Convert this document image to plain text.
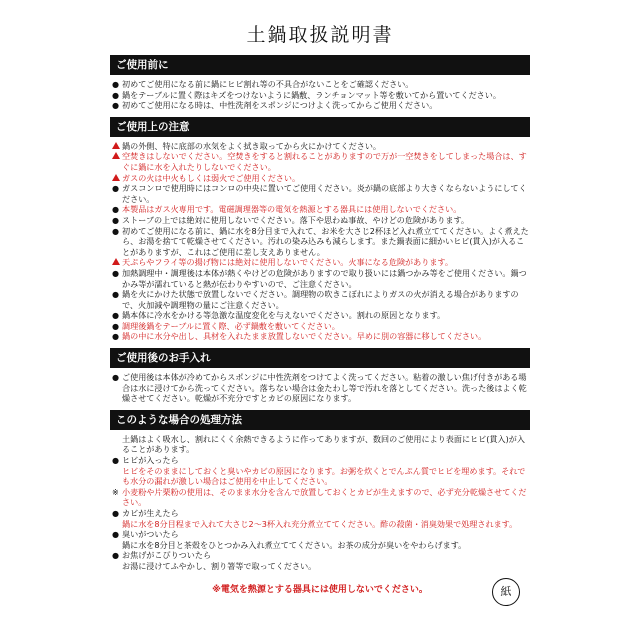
土鍋取扱説明書
ご使用前に
● 初めてご使用になる前に鍋にヒビ割れ等の不具合がないことをご確認ください。
● 鍋をテーブルに置く際はキズをつけないように鍋敷、ランチョンマット等を敷いてから置いてください。
● 初めてご使用になる時は、中性洗剤をスポンジにつけよく洗ってからご使用ください。
ご使用上の注意
鍋の外側、特に底部の水気をよく拭き取ってから火にかけてください。
空焚きはしないでください。空焚きをすると割れることがありますので万が一空焚きをしてしまった場合は、すぐに鍋に水を入れたりしないでください。
ガスの火は中火もしくは弱火でご使用ください。
● ガスコンロで使用時にはコンロの中央に置いてご使用ください。炎が鍋の底部より大きくならないようにしてください。
● 本製品はガス火専用です。電磁調理器等の電気を熱源とする器具には使用しないでください。
● ストーブの上では絶対に使用しないでください。落下や思わぬ事故、やけどの危険があります。
● 初めてご使用になる前に、鍋に水を8分目まで入れて、お米を大さじ2杯ほど入れ煮立ててください。よく煮えたら、お湯を捨てて乾燥させてください。汚れの染み込みも減らします。また鍋表面に細かいヒビ(貫入)が入ることがありますが、これはご使用に差し支えありません。
天ぷらやフライ等の揚げ物には絶対に使用しないでください。火事になる危険があります。
● 加熱調理中・調理後は本体が熱くやけどの危険がありますので取り扱いには鍋つかみ等をご使用ください。鍋つかみ等が濡れていると熱が伝わりやすいので、ご注意ください。
● 鍋を火にかけた状態で放置しないでください。調理物の吹きこぼれによりガスの火が消える場合がありますので、火加減や調理物の量にご注意ください。
● 鍋本体に冷水をかける等急激な温度変化を与えないでください。割れの原因となります。
● 調理後鍋をテーブルに置く際、必ず鍋敷を敷いてください。
● 鍋の中に水分や出し、具材を入れたまま放置しないでください。早めに別の容器に移してください。
ご使用後のお手入れ
● ご使用後は本体が冷めてからスポンジに中性洗剤をつけてよく洗ってください。粘着の激しい焦げ付きがある場合は水に浸けてから洗ってください。落ちない場合は金たわし等で汚れを落としてください。洗った後はよく乾燥させてください。乾燥が不充分ですとカビの原因になります。
このような場合の処理方法
土鍋はよく吸水し、割れにくく余熱できるように作ってありますが、数回のご使用により表面にヒビ(貫入)が入ることがあります。
● ヒビが入ったら
ヒビをそのままにしておくと臭いやカビの原因になります。お粥を炊くとでんぷん質でヒビを埋めます。それでも水分の漏れが激しい場合はご使用を中止してください。
※ 小麦粉や片栗粉の使用は、そのまま水分を含んで放置しておくとカビが生えますので、必ず充分乾燥させてください。
● カビが生えたら
鍋に水を8分目程まで入れて大さじ2〜3杯入れ充分煮立ててください。酢の殺菌・消臭効果で処理されます。
● 臭いがついたら
鍋に水を8分目と茶殻をひとつかみ入れ煮立ててください。お茶の成分が臭いをやわらげます。
● お焦げがこびりついたら
お湯に浸けてふやかし、割り箸等で取ってください。
※電気を熱源とする器具には使用しないでください。	紙
